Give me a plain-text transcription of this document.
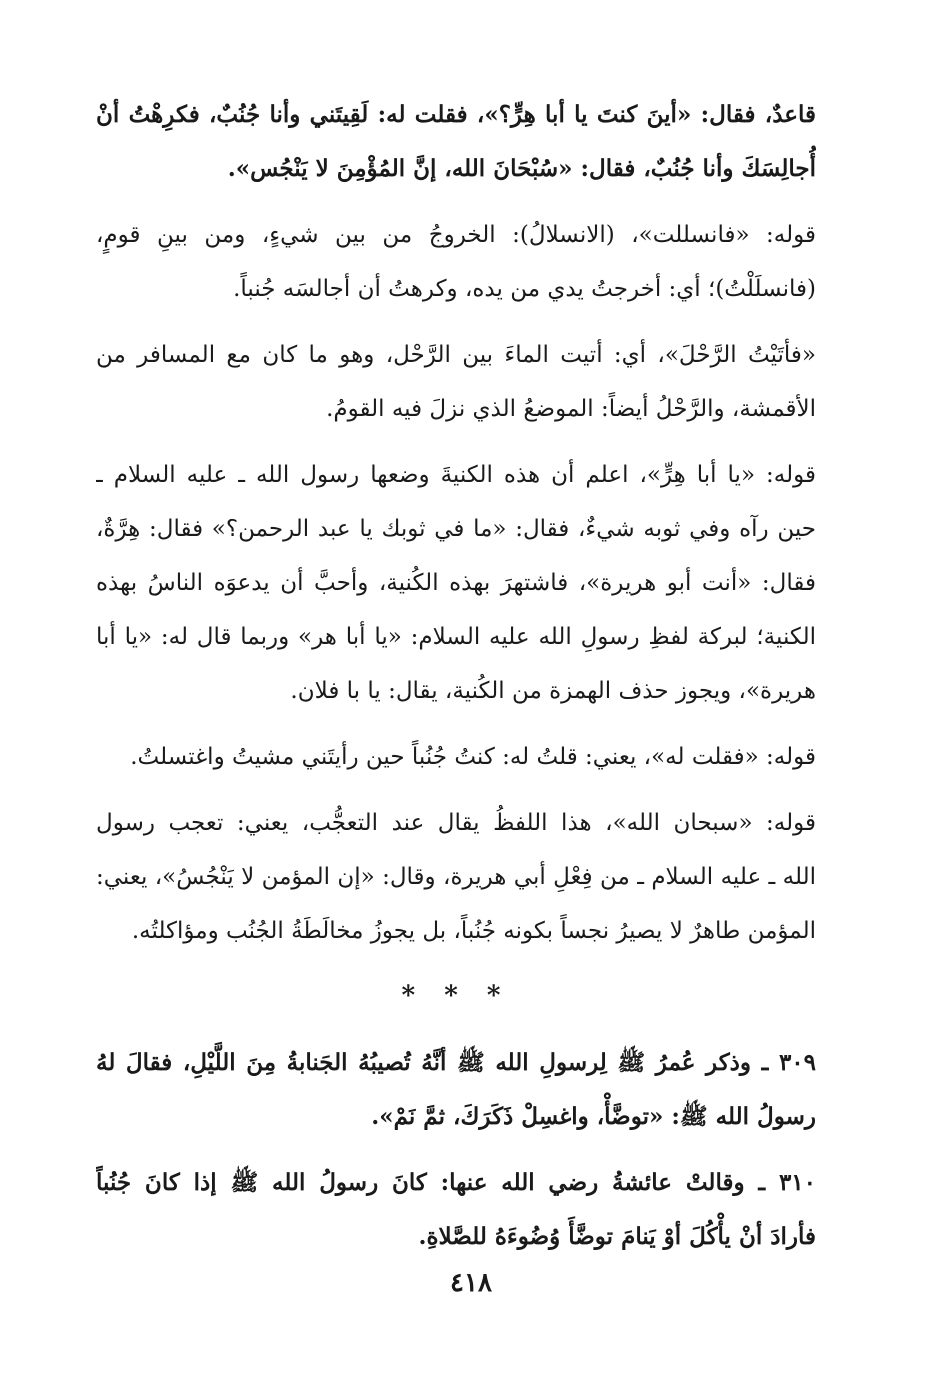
قاعدٌ، فقال: «أينَ كنتَ يا أبا هِرٍّ؟»، فقلت له: لَقِيتَني وأنا جُنُبٌ، فكرِهْتُ أنْ
أُجالِسَكَ وأنا جُنُبٌ، فقال: «سُبْحَانَ الله، إنَّ المُؤْمِنَ لا يَنْجُس».

قوله: «فانسللت»، (الانسلالُ): الخروجُ من بين شيءٍ، ومن بينِ قومٍ،
(فانسلَلْتُ)؛ أي: أخرجتُ يدي من يده، وكرهتُ أن أجالسَه جُنباً.

«فأتَيْتُ الرَّحْلَ»، أي: أتيت الماءَ بين الرَّحْل، وهو ما كان مع المسافر من
الأقمشة، والرَّحْلُ أيضاً: الموضعُ الذي نزلَ فيه القومُ.

قوله: «يا أبا هِرٍّ»، اعلم أن هذه الكنيةَ وضعها رسول الله ـ عليه السلام ـ
حين رآه وفي ثوبه شيءٌ، فقال: «ما في ثوبك يا عبد الرحمن؟» فقال: هِرَّةٌ،
فقال: «أنت أبو هريرة»، فاشتهرَ بهذه الكُنية، وأحبَّ أن يدعوَه الناسُ بهذه
الكنية؛ لبركة لفظِ رسولِ الله عليه السلام: «يا أبا هر» وربما قال له: «يا أبا
هريرة»، ويجوز حذف الهمزة من الكُنية، يقال: يا با فلان.

قوله: «فقلت له»، يعني: قلتُ له: كنتُ جُنُباً حين رأيتَني مشيتُ واغتسلتُ.

قوله: «سبحان الله»، هذا اللفظُ يقال عند التعجُّب، يعني: تعجب رسول
الله ـ عليه السلام ـ من فِعْلِ أبي هريرة، وقال: «إن المؤمن لا يَنْجُسُ»، يعني:
المؤمن طاهرٌ لا يصيرُ نجساً بكونه جُنُباً، بل يجوزُ مخالَطَةُ الجُنُب ومؤاكلتُه.

* * *

٣٠٩ ـ وذكر عُمرُ ﷺ لِرسولِ الله ﷺ أنَّهُ تُصيبُهُ الجَنابةُ مِنَ اللَّيْلِ، فقالَ لهُ
رسولُ الله ﷺ: «توضَّأْ، واغسِلْ ذَكَرَكَ، ثمَّ نَمْ».

٣١٠ ـ وقالتْ عائشةُ رضي الله عنها: كانَ رسولُ الله ﷺ إذا كانَ جُنُباً
فأرادَ أنْ يأْكُلَ أوْ يَنامَ توضَّأَ وُضُوءَهُ للصَّلاةِ.

٤١٨
